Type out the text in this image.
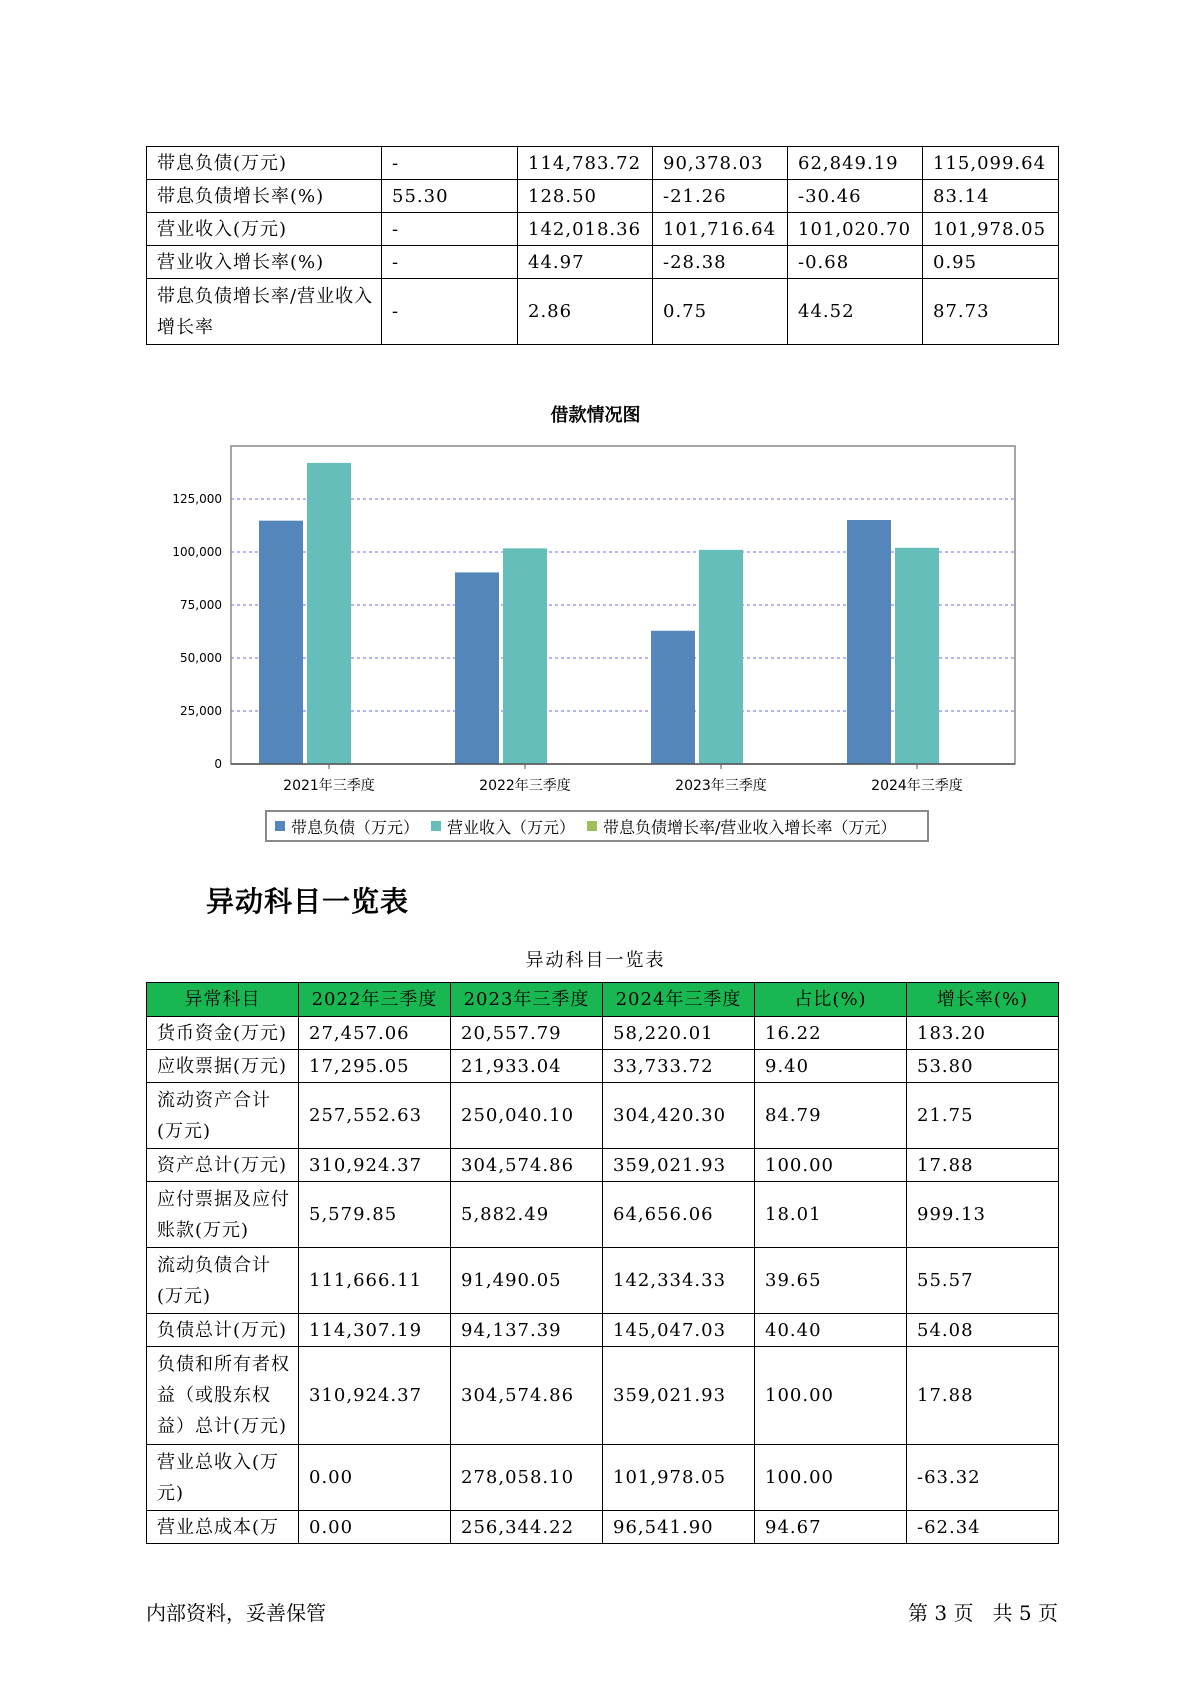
带息负债(万元)	-	114,783.72	90,378.03	62,849.19	115,099.64

带息负债增长率(%)	55.30	128.50	-21.26	-30.46	83.14

营业收入(万元)	-	142,018.36	101,716.64	101,020.70	101,978.05

营业收入增长率(%)	-	44.97	-28.38	-0.68	0.95

带息负债增长率/营业收入增长率	-	2.86	0.75	44.52	87.73
借款情况图
0
25,000
50,000
75,000
100,000
125,000
2021年三季度	2022年三季度	2023年三季度	2024年三季度
带息负债（万元） 营业收入（万元） 带息负债增长率/营业收入增长率（万元）
异动科目一览表
异动科目一览表
异常科目	2022年三季度	2023年三季度	2024年三季度	占比(%)	增长率(%)

货币资金(万元)	27,457.06	20,557.79	58,220.01	16.22	183.20

应收票据(万元)	17,295.05	21,933.04	33,733.72	9.40	53.80

流动资产合计(万元)	257,552.63	250,040.10	304,420.30	84.79	21.75

资产总计(万元)	310,924.37	304,574.86	359,021.93	100.00	17.88

应付票据及应付账款(万元)	5,579.85	5,882.49	64,656.06	18.01	999.13

流动负债合计(万元)	111,666.11	91,490.05	142,334.33	39.65	55.57

负债总计(万元)	114,307.19	94,137.39	145,047.03	40.40	54.08

负债和所有者权益（或股东权益）总计(万元)	310,924.37	304,574.86	359,021.93	100.00	17.88

营业总收入(万元)	0.00	278,058.10	101,978.05	100.00	-63.32

营业总成本(万	0.00	256,344.22	96,541.90	94.67	-62.34
内部资料，妥善保管	第 3 页   共 5 页
